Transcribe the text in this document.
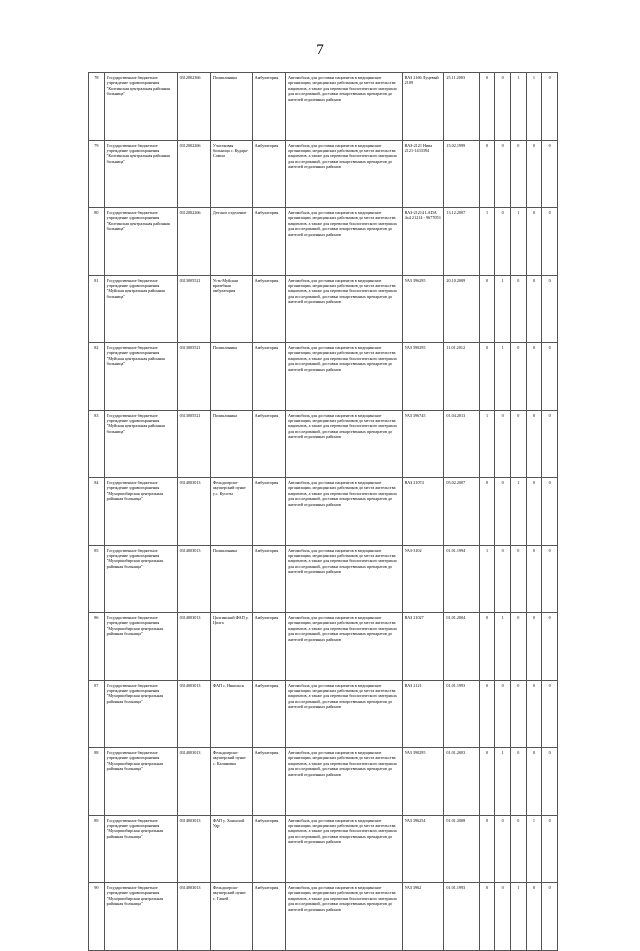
7
78	Государственное бюджетное учреждение здравоохранения "Колтинская центральная районная больница"	0312002366	Поликлиника	Амбулатория	Автомобиль для доставки пациентов в медицинские организации, медицинских работников до места жительства пациентов, а также для перевозки биологического материала для исследований, доставки лекарственных препаратов до жителей отдаленных районов	ВАЗ 2166 Луцевый 2109	25.11.2003	0	0	1	1	0
79	Государственное бюджетное учреждение здравоохранения "Колтинская центральная районная больница"	0312002266	Участковая больница с. Кудара-Сомон	Амбулатория	Автомобиль для доставки пациентов в медицинские организации, медицинских работников до места жительства пациентов, а также для перевозки биологического материала для исследований, доставки лекарственных препаратов до жителей отдаленных районов	ВАЗ-2121 Нива 2121-1433394	15.02.1999	0	0	0	0	0
80	Государственное бюджетное учреждение здравоохранения "Колтинская центральная районная больница"	0312002266	Детское отделение	Амбулатория	Автомобиль для доставки пациентов в медицинские организации, медицинских работников до места жительства пациентов, а также для перевозки биологического материала для исследований, доставки лекарственных препаратов до жителей отдаленных районов	ВАЗ-21214 LADA 4х4 21214 - 9677053	13.12.2007	1	0	1	0	0
81	Государственное бюджетное учреждение здравоохранения "Муйская центральная районная больница"	0313005521	Усть-Муйская врачебная амбулатория	Амбулатория	Автомобиль для доставки пациентов в медицинские организации, медицинских работников до места жительства пациентов, а также для перевозки биологического материала для исследований, доставки лекарственных препаратов до жителей отдаленных районов	УАЗ 396295	20.10.2009	0	1	0	0	0
82	Государственное бюджетное учреждение здравоохранения "Муйская центральная районная больница"	0313005521	Поликлиника	Амбулатория	Автомобиль для доставки пациентов в медицинские организации, медицинских работников до места жительства пациентов, а также для перевозки биологического материала для исследований, доставки лекарственных препаратов до жителей отдаленных районов	УАЗ 390295	11.01.2012	0	1	0	0	0
83	Государственное бюджетное учреждение здравоохранения "Муйская центральная районная больница"	0313005521	Поликлиника	Амбулатория	Автомобиль для доставки пациентов в медицинские организации, медицинских работников до места жительства пациентов, а также для перевозки биологического материала для исследований, доставки лекарственных препаратов до жителей отдаленных районов	УАЗ 396745	01.04.2013	1	0	0	0	0
84	Государственное бюджетное учреждение здравоохранения "Мухоршибирская центральная районная больница"	0314003013	Фельдшерско-акушерский пункт у.с. Кусоты	Амбулатория	Автомобиль для доставки пациентов в медицинские организации, медицинских работников до места жительства пациентов, а также для перевозки биологического материала для исследований, доставки лекарственных препаратов до жителей отдаленных районов	ВАЗ 21074	05.02.2007	0	0	1	0	0
85	Государственное бюджетное учреждение здравоохранения "Мухоршибирская центральная районная больница"	0314003013	Поликлиника	Амбулатория	Автомобиль для доставки пациентов в медицинские организации, медицинских работников до места жительства пациентов, а также для перевозки биологического материала для исследований, доставки лекарственных препаратов до жителей отдаленных районов	УАЗ-3102	01.01.1994	1	0	0	0	0
86	Государственное бюджетное учреждение здравоохранения "Мухоршибирская центральная районная больница"	0314003013	Цолгинский ФАП у. Цолга	Амбулатория	Автомобиль для доставки пациентов в медицинские организации, медицинских работников до места жительства пациентов, а также для перевозки биологического материала для исследований, доставки лекарственных препаратов до жителей отдаленных районов	ВАЗ 21027	01.01.2004	0	1	0	0	0
87	Государственное бюджетное учреждение здравоохранения "Мухоршибирская центральная районная больница"	0314003013	ФАП с. Никольск	Амбулатория	Автомобиль для доставки пациентов в медицинские организации, медицинских работников до места жительства пациентов, а также для перевозки биологического материала для исследований, доставки лекарственных препаратов до жителей отдаленных районов	ВАЗ 2121	01.01.1993	0	0	0	0	0
88	Государственное бюджетное учреждение здравоохранения "Мухоршибирская центральная районная больница"	0314003013	Фельдшерско-акушерский пункт с. Калиновка	Амбулатория	Автомобиль для доставки пациентов в медицинские организации, медицинских работников до места жительства пациентов, а также для перевозки биологического материала для исследований, доставки лекарственных препаратов до жителей отдаленных районов	УАЗ 390295	01.01.2003	0	1	0	0	0
89	Государственное бюджетное учреждение здравоохранения "Мухоршибирская центральная районная больница"	0314003013	ФАП у. Хонхолой Удр	Амбулатория	Автомобиль для доставки пациентов в медицинские организации, медицинских работников до места жительства пациентов, а также для перевозки биологического материала для исследований, доставки лекарственных препаратов до жителей отдаленных районов	УАЗ 396254	01.01.2008	0	0	0	1	0
90	Государственное бюджетное учреждение здравоохранения "Мухоршибирская центральная районная больница"	0314003013	Фельдшерско-акушерский пункт с. Гашей	Амбулатория	Автомобиль для доставки пациентов в медицинские организации, медицинских работников до места жительства пациентов, а также для перевозки биологического материала для исследований, доставки лекарственных препаратов до жителей отдаленных районов	УАЗ 3962	01.01.1993	0	0	1	0	0
